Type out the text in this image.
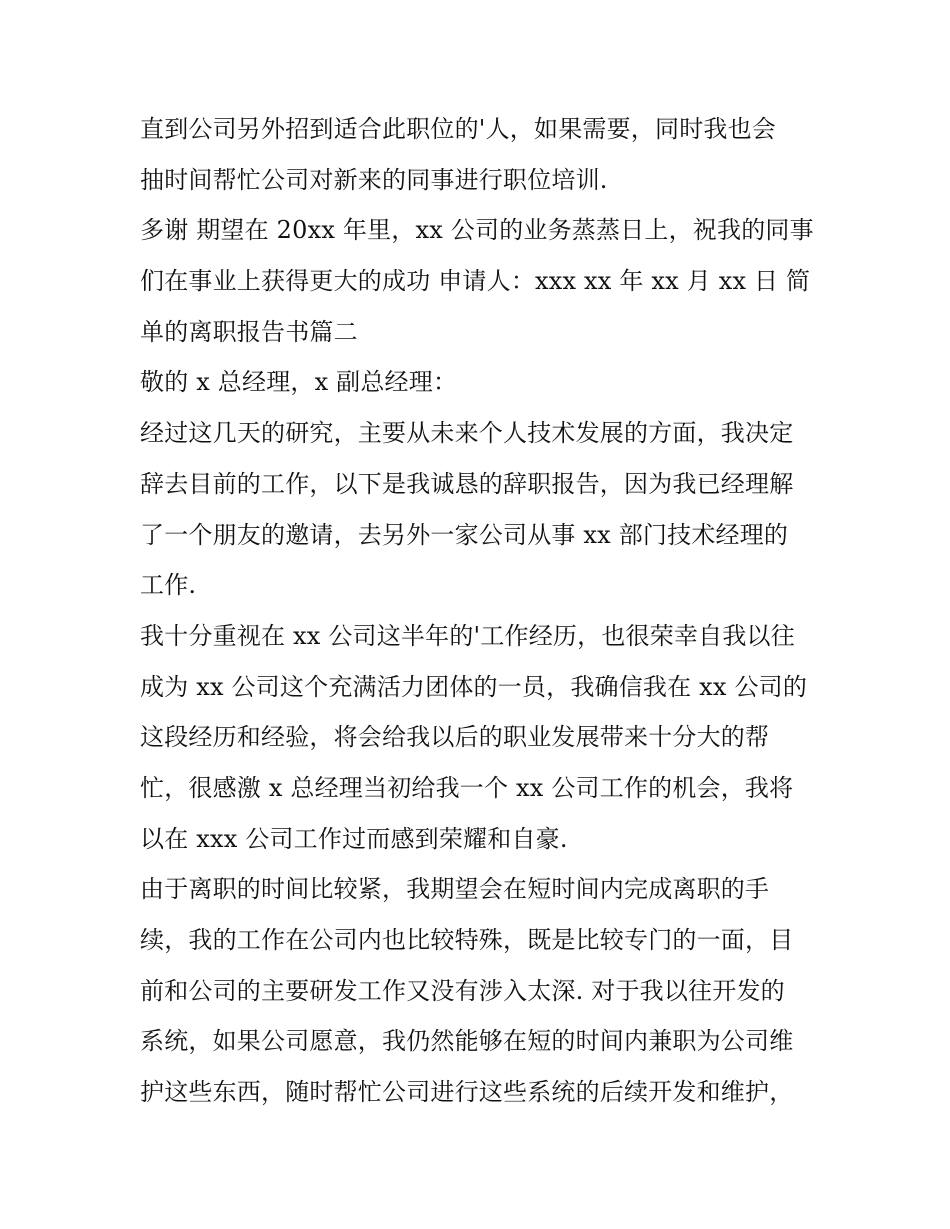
直到公司另外招到适合此职位的'人，如果需要，同时我也会
抽时间帮忙公司对新来的同事进行职位培训.
多谢 期望在 20xx 年里，xx 公司的业务蒸蒸日上，祝我的同事
们在事业上获得更大的成功 申请人：xxx xx 年 xx 月 xx 日 简
单的离职报告书篇二
敬的 x 总经理，x 副总经理：
经过这几天的研究，主要从未来个人技术发展的方面，我决定
辞去目前的工作，以下是我诚恳的辞职报告，因为我已经理解
了一个朋友的邀请，去另外一家公司从事 xx 部门技术经理的
工作.
我十分重视在 xx 公司这半年的'工作经历，也很荣幸自我以往
成为 xx 公司这个充满活力团体的一员，我确信我在 xx 公司的
这段经历和经验，将会给我以后的职业发展带来十分大的帮
忙，很感激 x 总经理当初给我一个 xx 公司工作的机会，我将
以在 xxx 公司工作过而感到荣耀和自豪.
由于离职的时间比较紧，我期望会在短时间内完成离职的手
续，我的工作在公司内也比较特殊，既是比较专门的一面，目
前和公司的主要研发工作又没有涉入太深. 对于我以往开发的
系统，如果公司愿意，我仍然能够在短的时间内兼职为公司维
护这些东西，随时帮忙公司进行这些系统的后续开发和维护，
